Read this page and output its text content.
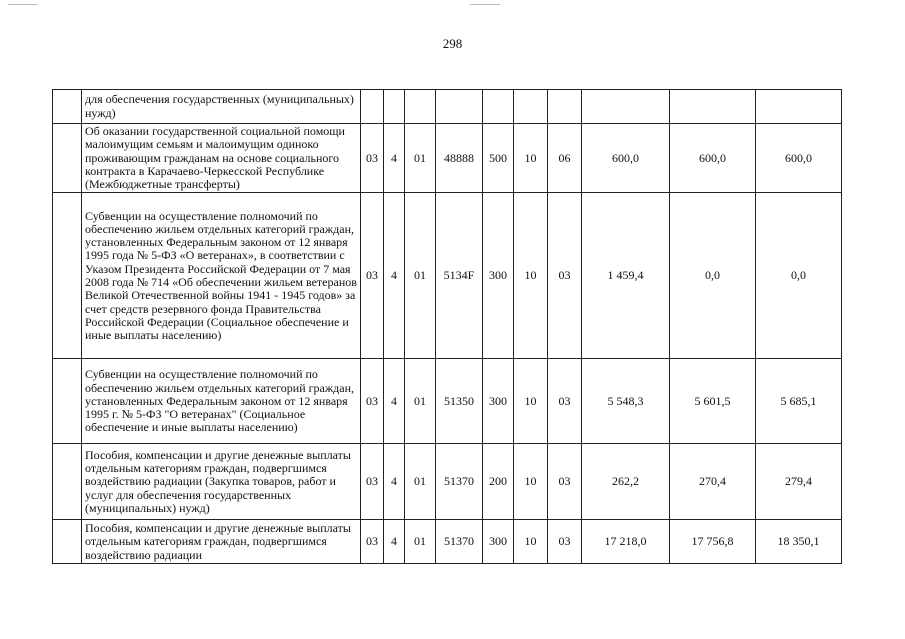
298
	для обеспечения государственных (муниципальных) нужд)										
	Об оказании государственной социальной помощи малоимущим семьям и малоимущим одиноко проживающим гражданам на основе социального контракта в Карачаево-Черкесской Республике (Межбюджетные трансферты)	03	4	01	48888	500	10	06	600,0	600,0	600,0
	Субвенции на осуществление полномочий по обеспечению жильем отдельных категорий граждан, установленных Федеральным законом от 12 января 1995 года № 5-ФЗ «О ветеранах», в соответствии с Указом Президента Российской Федерации от 7 мая 2008 года № 714 «Об обеспечении жильем ветеранов Великой Отечественной войны 1941 - 1945 годов» за счет средств резервного фонда Правительства Российской Федерации (Социальное обеспечение и иные выплаты населению)	03	4	01	5134F	300	10	03	1 459,4	0,0	0,0
	Субвенции на осуществление полномочий по обеспечению жильем отдельных категорий граждан, установленных Федеральным законом от 12 января 1995 г. № 5-ФЗ "О ветеранах" (Социальное обеспечение и иные выплаты населению)	03	4	01	51350	300	10	03	5 548,3	5 601,5	5 685,1
	Пособия, компенсации и другие денежные выплаты отдельным категориям граждан, подвергшимся воздействию радиации (Закупка товаров, работ и услуг для обеспечения государственных (муниципальных) нужд)	03	4	01	51370	200	10	03	262,2	270,4	279,4
	Пособия, компенсации и другие денежные выплаты отдельным категориям граждан, подвергшимся воздействию радиации	03	4	01	51370	300	10	03	17 218,0	17 756,8	18 350,1
